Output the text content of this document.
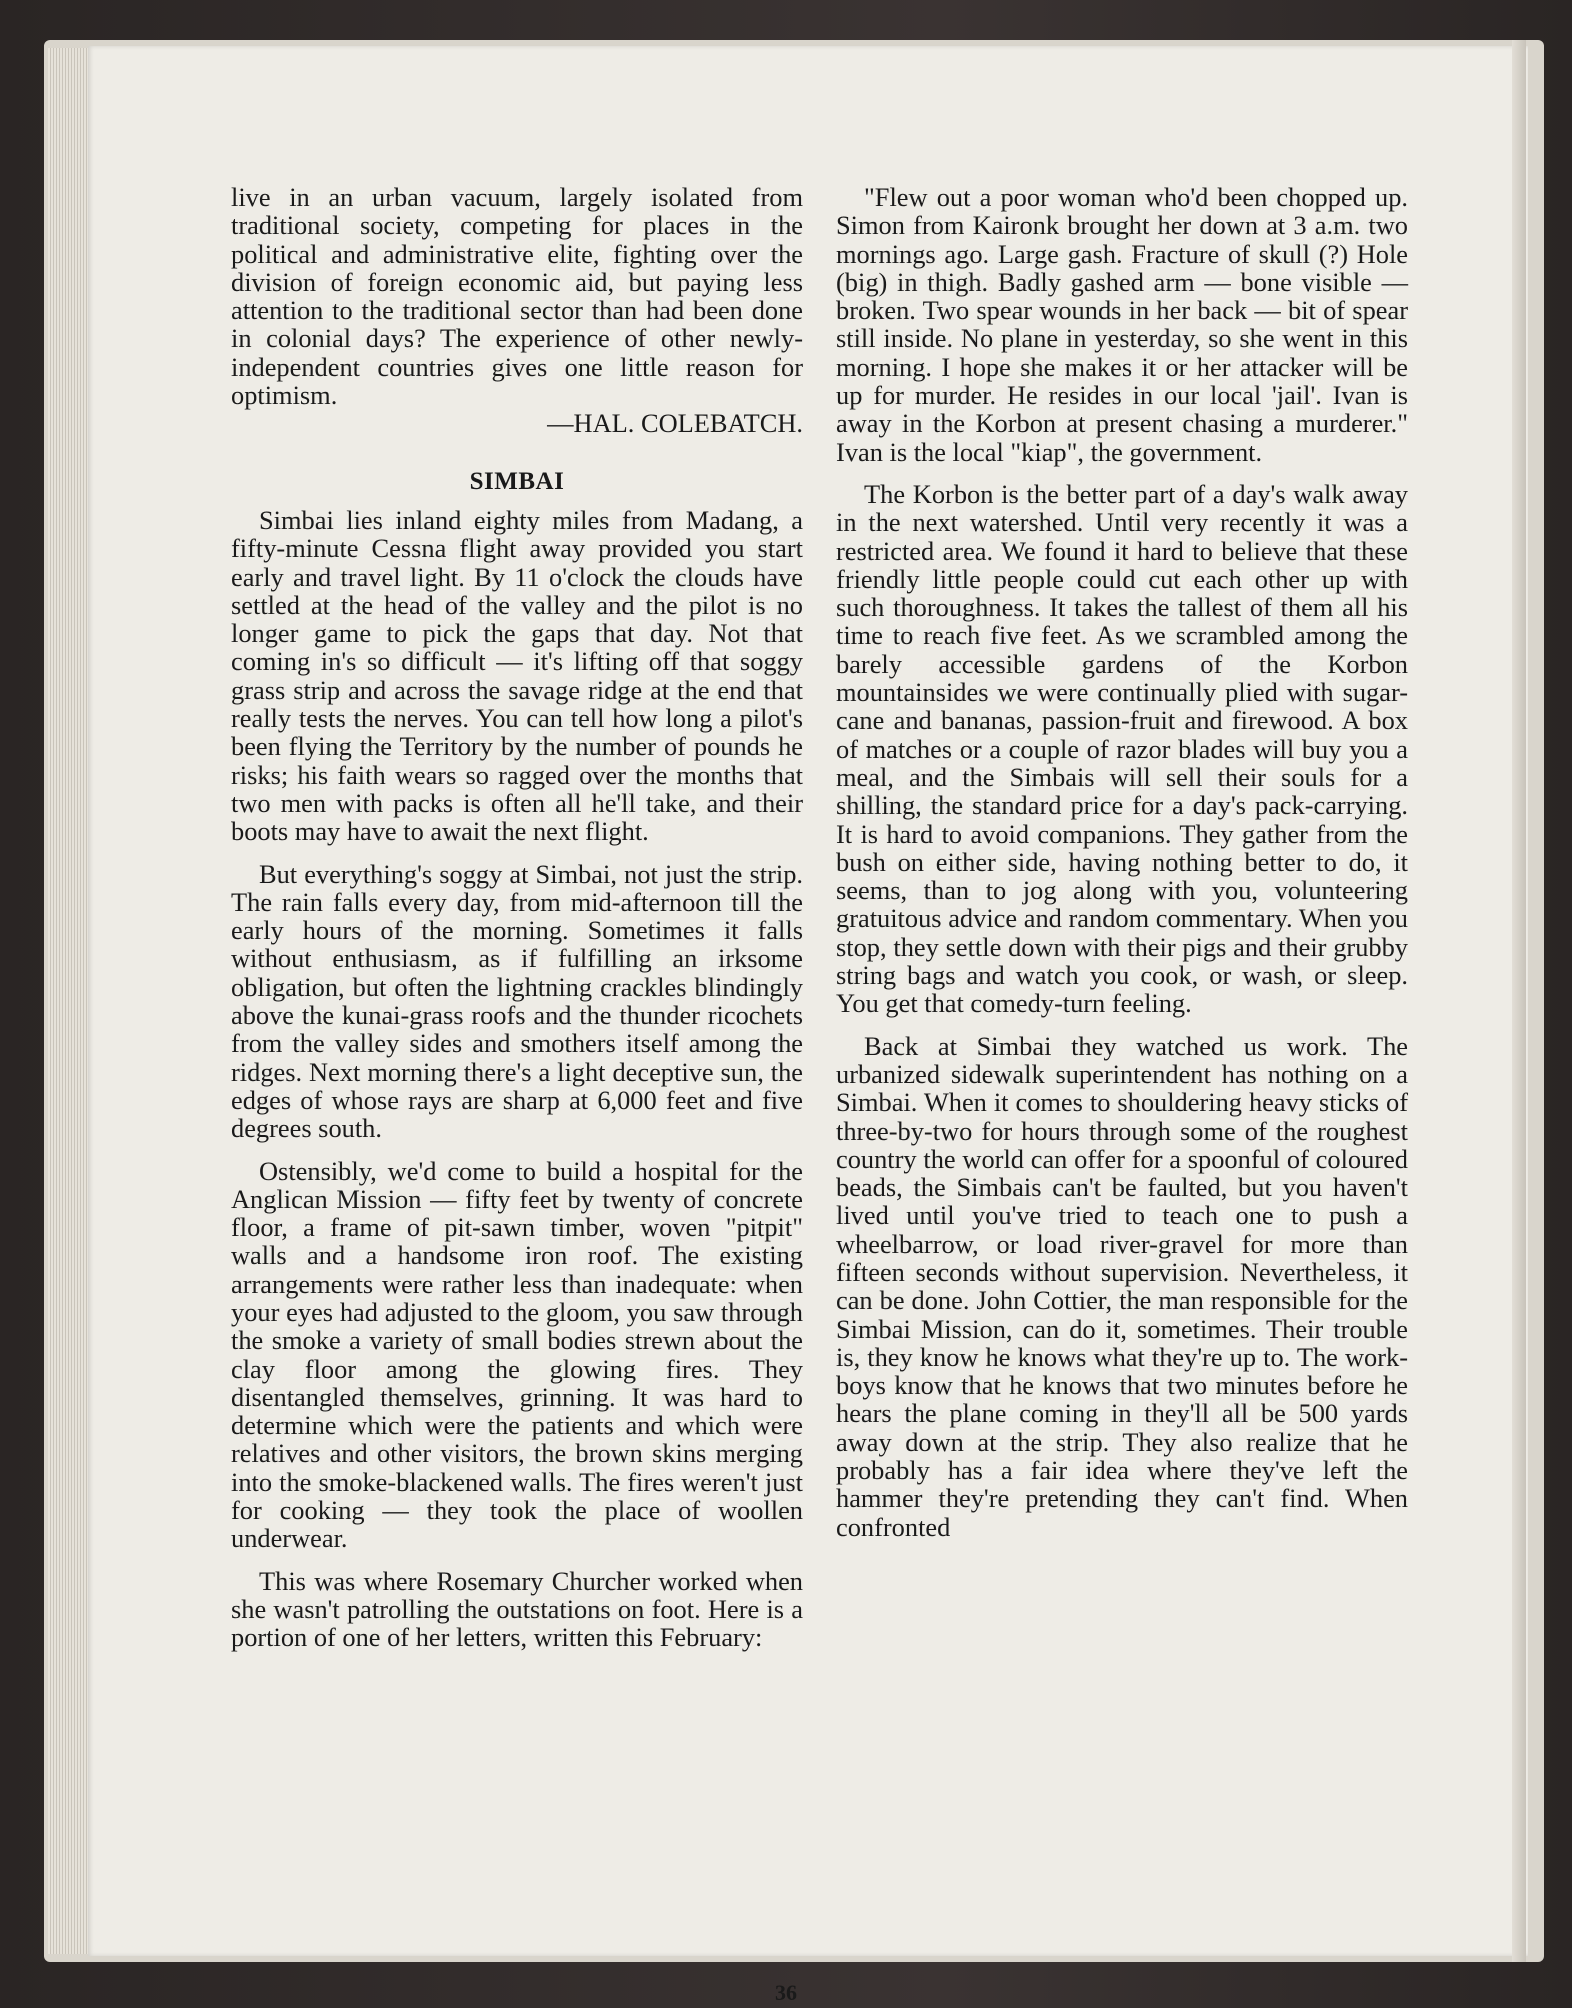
live in an urban vacuum, largely isolated from traditional society, competing for places in the political and administrative elite, fighting over the division of foreign economic aid, but paying less attention to the traditional sector than had been done in colonial days? The experience of other newly-independent countries gives one little reason for optimism.

—HAL. COLEBATCH.

SIMBAI

Simbai lies inland eighty miles from Madang, a fifty-minute Cessna flight away provided you start early and travel light. By 11 o'clock the clouds have settled at the head of the valley and the pilot is no longer game to pick the gaps that day. Not that coming in's so difficult — it's lifting off that soggy grass strip and across the savage ridge at the end that really tests the nerves. You can tell how long a pilot's been flying the Territory by the number of pounds he risks; his faith wears so ragged over the months that two men with packs is often all he'll take, and their boots may have to await the next flight.

But everything's soggy at Simbai, not just the strip. The rain falls every day, from mid-afternoon till the early hours of the morning. Sometimes it falls without enthusiasm, as if fulfilling an irksome obligation, but often the lightning crackles blindingly above the kunai-grass roofs and the thunder ricochets from the valley sides and smothers itself among the ridges. Next morning there's a light deceptive sun, the edges of whose rays are sharp at 6,000 feet and five degrees south.

Ostensibly, we'd come to build a hospital for the Anglican Mission — fifty feet by twenty of concrete floor, a frame of pit-sawn timber, woven "pitpit" walls and a handsome iron roof. The existing arrangements were rather less than inadequate: when your eyes had adjusted to the gloom, you saw through the smoke a variety of small bodies strewn about the clay floor among the glowing fires. They disentangled themselves, grinning. It was hard to determine which were the patients and which were relatives and other visitors, the brown skins merging into the smoke-blackened walls. The fires weren't just for cooking — they took the place of woollen underwear.

This was where Rosemary Churcher worked when she wasn't patrolling the outstations on foot. Here is a portion of one of her letters, written this February:

"Flew out a poor woman who'd been chopped up. Simon from Kaironk brought her down at 3 a.m. two mornings ago. Large gash. Fracture of skull (?) Hole (big) in thigh. Badly gashed arm — bone visible — broken. Two spear wounds in her back — bit of spear still inside. No plane in yesterday, so she went in this morning. I hope she makes it or her attacker will be up for murder. He resides in our local 'jail'. Ivan is away in the Korbon at present chasing a murderer." Ivan is the local "kiap", the government.

The Korbon is the better part of a day's walk away in the next watershed. Until very recently it was a restricted area. We found it hard to believe that these friendly little people could cut each other up with such thoroughness. It takes the tallest of them all his time to reach five feet. As we scrambled among the barely accessible gardens of the Korbon mountainsides we were continually plied with sugar-cane and bananas, passion-fruit and firewood. A box of matches or a couple of razor blades will buy you a meal, and the Simbais will sell their souls for a shilling, the standard price for a day's pack-carrying. It is hard to avoid companions. They gather from the bush on either side, having nothing better to do, it seems, than to jog along with you, volunteering gratuitous advice and random commentary. When you stop, they settle down with their pigs and their grubby string bags and watch you cook, or wash, or sleep. You get that comedy-turn feeling.

Back at Simbai they watched us work. The urbanized sidewalk superintendent has nothing on a Simbai. When it comes to shouldering heavy sticks of three-by-two for hours through some of the roughest country the world can offer for a spoonful of coloured beads, the Simbais can't be faulted, but you haven't lived until you've tried to teach one to push a wheelbarrow, or load river-gravel for more than fifteen seconds without supervision. Nevertheless, it can be done. John Cottier, the man responsible for the Simbai Mission, can do it, sometimes. Their trouble is, they know he knows what they're up to. The work-boys know that he knows that two minutes before he hears the plane coming in they'll all be 500 yards away down at the strip. They also realize that he probably has a fair idea where they've left the hammer they're pretending they can't find. When confronted

36
